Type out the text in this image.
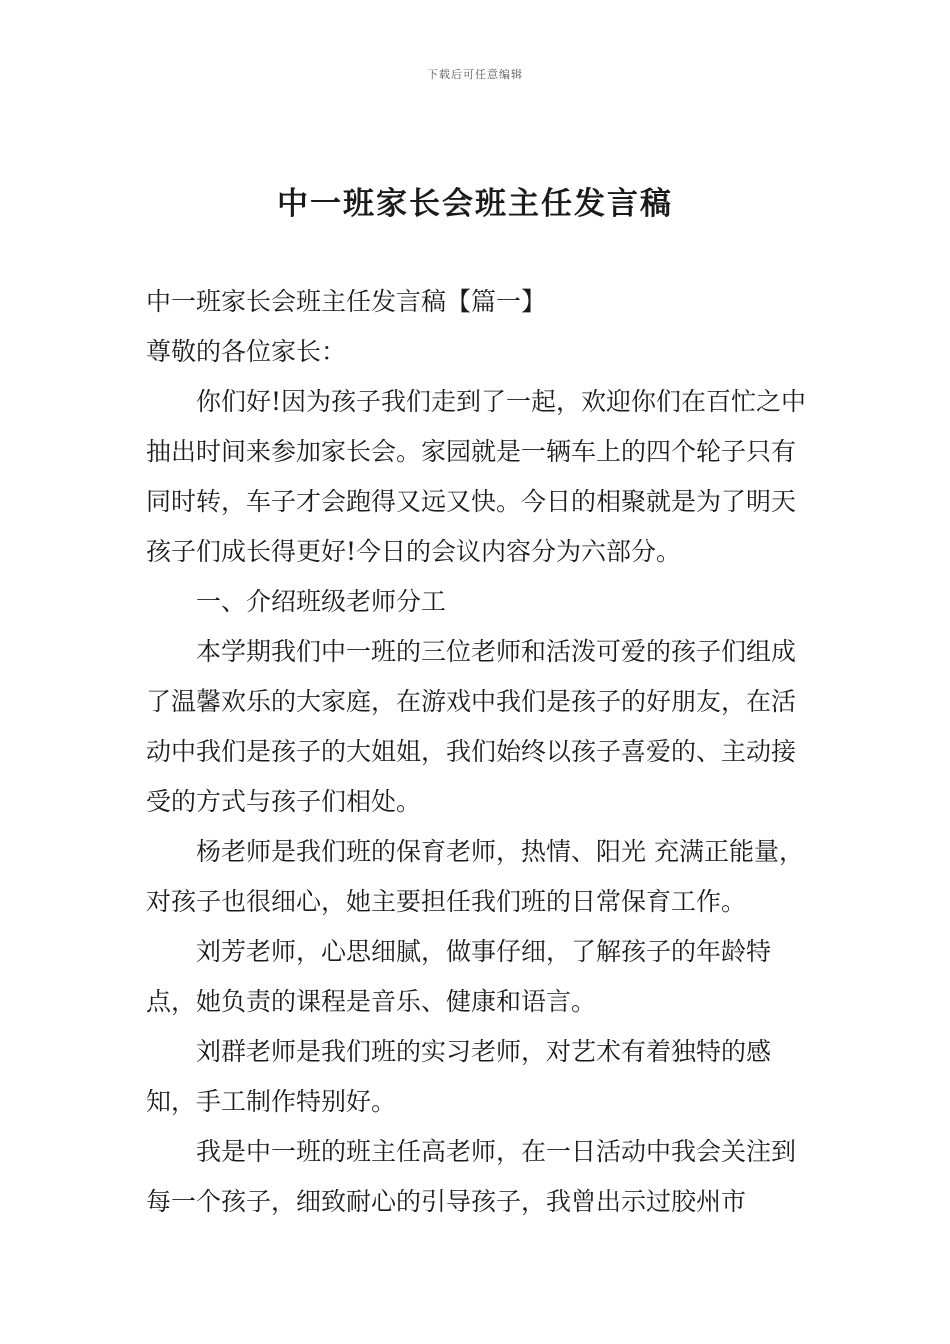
下载后可任意编辑
中一班家长会班主任发言稿

中一班家长会班主任发言稿【篇一】

尊敬的各位家长：

你们好!因为孩子我们走到了一起，欢迎你们在百忙之中抽出时间来参加家长会。家园就是一辆车上的四个轮子只有同时转，车子才会跑得又远又快。今日的相聚就是为了明天孩子们成长得更好!今日的会议内容分为六部分。

一、介绍班级老师分工

本学期我们中一班的三位老师和活泼可爱的孩子们组成了温馨欢乐的大家庭，在游戏中我们是孩子的好朋友，在活动中我们是孩子的大姐姐，我们始终以孩子喜爱的、主动接受的方式与孩子们相处。

杨老师是我们班的保育老师，热情、阳光 充满正能量，对孩子也很细心，她主要担任我们班的日常保育工作。

刘芳老师，心思细腻，做事仔细，了解孩子的年龄特点，她负责的课程是音乐、健康和语言。

刘群老师是我们班的实习老师，对艺术有着独特的感知，手工制作特别好。

我是中一班的班主任高老师，在一日活动中我会关注到每一个孩子，细致耐心的引导孩子，我曾出示过胶州市
